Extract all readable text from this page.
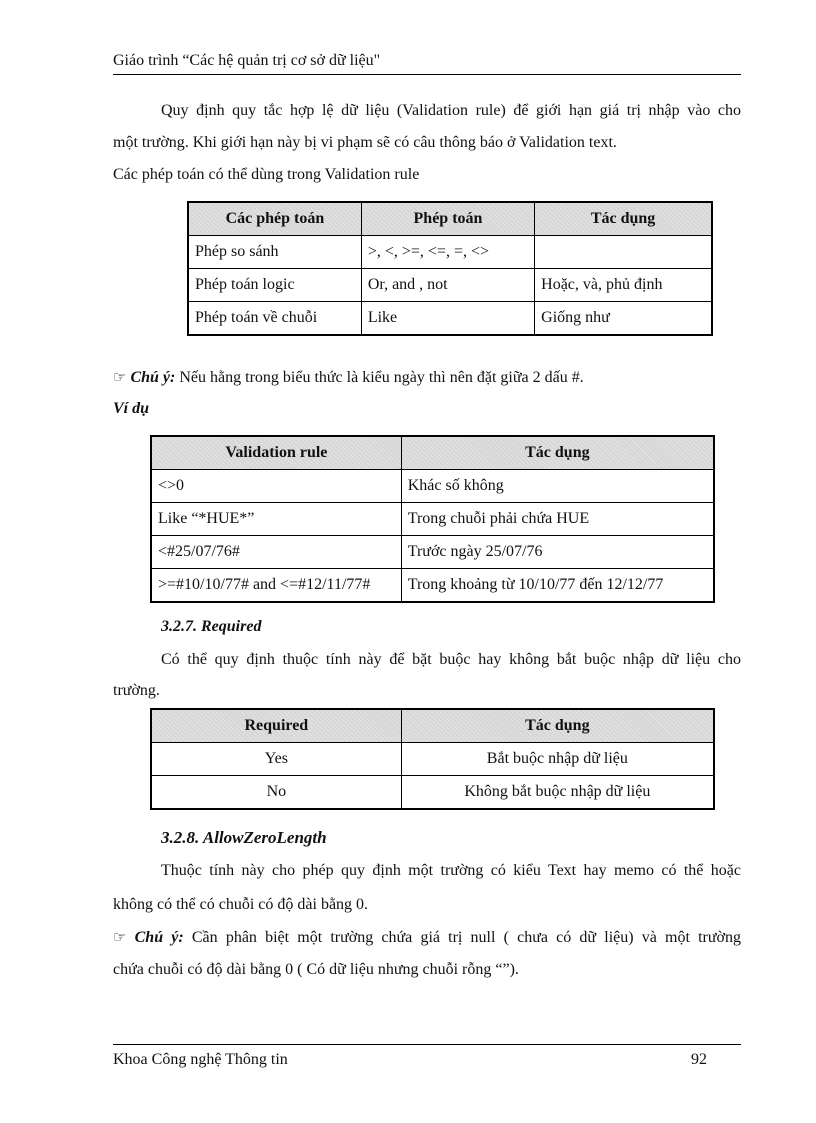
Giáo trình “Các hệ quản trị cơ sở dữ liệu"
Quy định quy tắc hợp lệ dữ liệu (Validation rule) để giới hạn giá trị nhập vào cho
một trường. Khi giới hạn này bị vi phạm sẽ có câu thông báo ở Validation text.
Các phép toán có thể dùng trong Validation rule
Các phép toán	Phép toán	Tác dụng
Phép so sánh	>, <, >=, <=, =, <>	
Phép toán logic	Or, and , not	Hoặc, và, phủ định
Phép toán về chuỗi	Like	Giống như
☞ Chú ý: Nếu hằng trong biểu thức là kiểu ngày thì nên đặt giữa 2 dấu #.
Ví dụ
Validation rule	Tác dụng
<>0	Khác số không
Like “*HUE*”	Trong chuỗi phải chứa HUE
<#25/07/76#	Trước ngày 25/07/76
>=#10/10/77# and <=#12/11/77#	Trong khoảng từ 10/10/77 đến 12/12/77
3.2.7. Required
Có thể quy định thuộc tính này để bặt buộc hay không bắt buộc nhập dữ liệu cho
trường.
Required	Tác dụng
Yes	Bắt buộc nhập dữ liệu
No	Không bắt buộc nhập dữ liệu
3.2.8. AllowZeroLength
Thuộc tính này cho phép quy định một trường có kiểu Text hay memo có thể hoặc
không có thể có chuỗi có độ dài bằng 0.
☞ Chú ý: Cần phân biệt một trường chứa giá trị null ( chưa có dữ liệu) và một trường
chứa chuỗi có độ dài bằng 0 ( Có dữ liệu nhưng chuỗi rỗng “”).
Khoa Công nghệ Thông tin	92
